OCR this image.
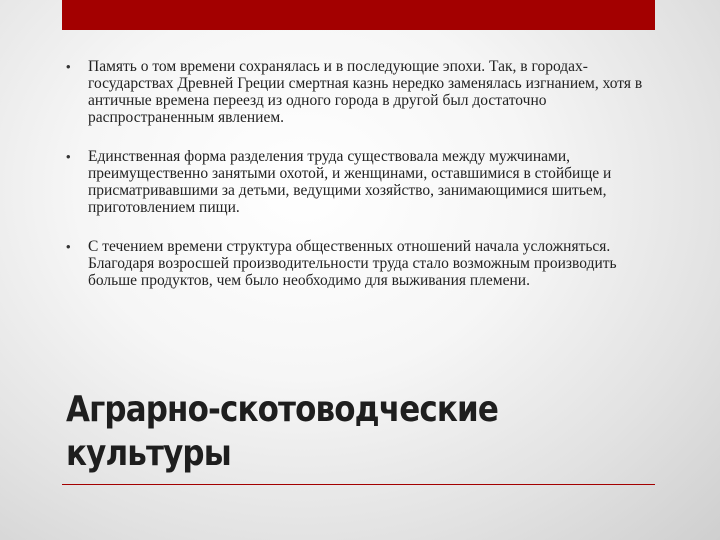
• Память о том времени сохранялась и в последующие эпохи. Так, в городах-государствах Древней Греции смертная казнь нередко заменялась изгнанием, хотя в античные времена переезд из одного города в другой был достаточно распространенным явлением.
• Единственная форма разделения труда существовала между мужчинами, преимущественно занятыми охотой, и женщинами, оставшимися в стойбище и присматривавшими за детьми, ведущими хозяйство, занимающимися шитьем, приготовлением пищи.
• С течением времени структура общественных отношений начала усложняться. Благодаря возросшей производительности труда стало возможным производить больше продуктов, чем было необходимо для выживания племени.
Аграрно-скотоводческие
культуры
